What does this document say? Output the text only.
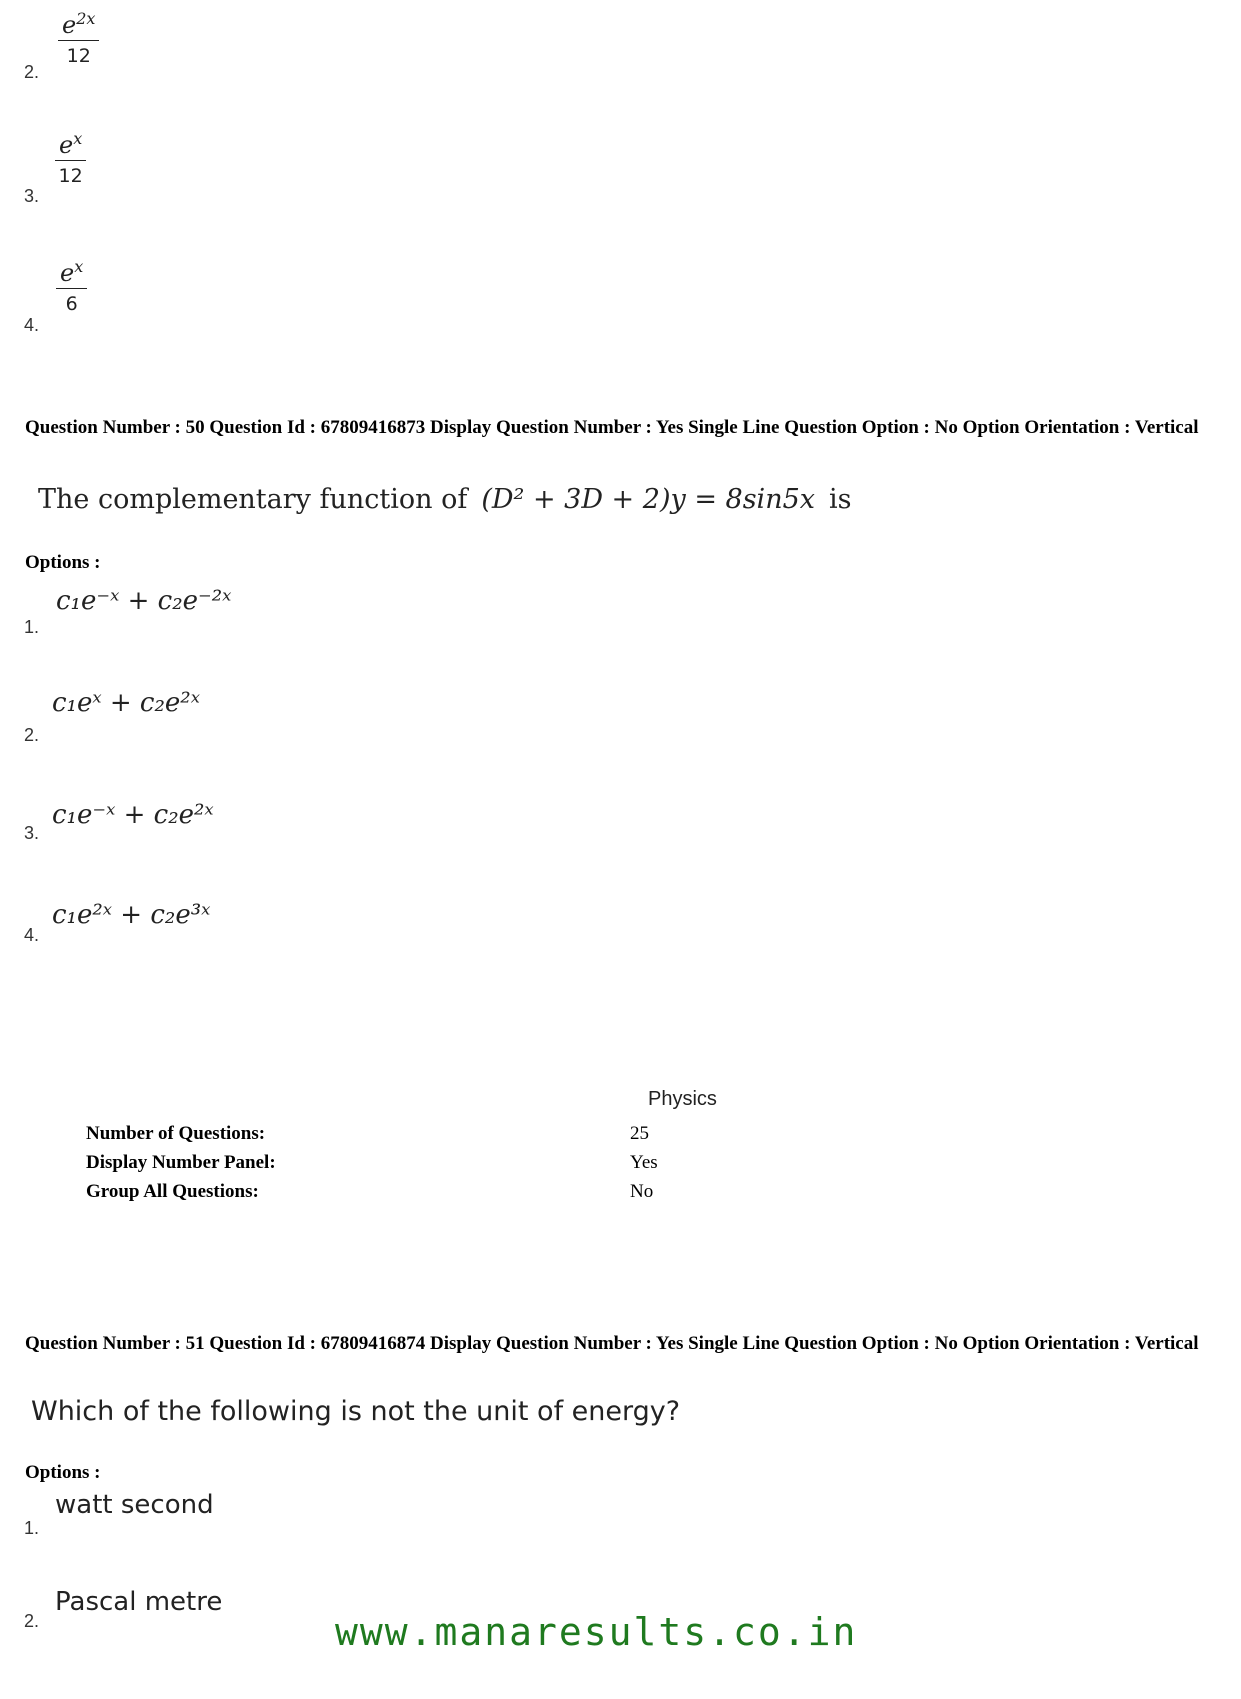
$\frac{e^{2x}}{12}$
2.
$\frac{e^x}{12}$
3.
$\frac{e^x}{6}$
4.
Question Number : 50 Question Id : 67809416873 Display Question Number : Yes Single Line Question Option : No Option Orientation : Vertical
The complementary function of (D² + 3D + 2)y = 8sin5x is
Options :
c₁e⁻ˣ + c₂e⁻²ˣ
1.
c₁eˣ + c₂e²ˣ
2.
c₁e⁻ˣ + c₂e²ˣ
3.
c₁e²ˣ + c₂e³ˣ
4.
Physics
Number of Questions:	25
Display Number Panel:	Yes
Group All Questions:	No
Question Number : 51 Question Id : 67809416874 Display Question Number : Yes Single Line Question Option : No Option Orientation : Vertical
Which of the following is not the unit of energy?
Options :
watt second
1.
Pascal metre
2.	www.manaresults.co.in
